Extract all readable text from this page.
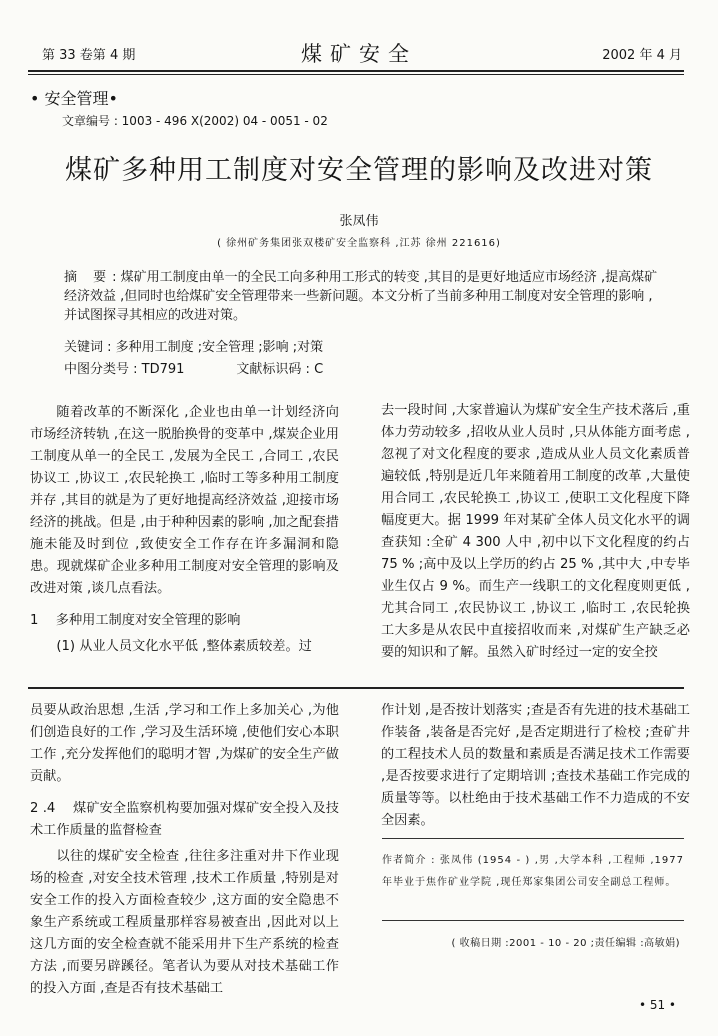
第 33 卷第 4 期	煤矿安全	2002 年 4 月
• 安全管理•
文章编号 : 1003 - 496 X(2002) 04 - 0051 - 02
煤矿多种用工制度对安全管理的影响及改进对策
张凤伟
( 徐州矿务集团张双楼矿安全监察科 ,江苏 徐州 221616)
摘 要: 煤矿用工制度由单一的全民工向多种用工形式的转变 ,其目的是更好地适应市场经济 ,提高煤矿经济效益 ,但同时也给煤矿安全管理带来一些新问题。本文分析了当前多种用工制度对安全管理的影响 ,并试图探寻其相应的改进对策。
关键词 : 多种用工制度 ;安全管理 ;影响 ;对策
中图分类号 : TD791	文献标识码 : C

随着改革的不断深化 ,企业也由单一计划经济向市场经济转轨 ,在这一脱胎换骨的变革中 ,煤炭企业用工制度从单一的全民工 ,发展为全民工 ,合同工 ,农民协议工 ,协议工 ,农民轮换工 ,临时工等多种用工制度并存 ,其目的就是为了更好地提高经济效益 ,迎接市场经济的挑战。但是 ,由于种种因素的影响 ,加之配套措施未能及时到位 ,致使安全工作存在许多漏洞和隐患。现就煤矿企业多种用工制度对安全管理的影响及改进对策 ,谈几点看法。

1　 多种用工制度对安全管理的影响

(1) 从业人员文化水平低 ,整体素质较差。过

去一段时间 ,大家普遍认为煤矿安全生产技术落后 ,重体力劳动较多 ,招收从业人员时 ,只从体能方面考虑 ,忽视了对文化程度的要求 ,造成从业人员文化素质普遍较低 ,特别是近几年来随着用工制度的改革 ,大量使用合同工 ,农民轮换工 ,协议工 ,使职工文化程度下降幅度更大。据 1999 年对某矿全体人员文化水平的调查获知 :全矿 4 300 人中 ,初中以下文化程度的约占 75 % ;高中及以上学历的约占 25 % ,其中大 ,中专毕业生仅占 9 %。而生产一线职工的文化程度则更低 ,尤其合同工 ,农民协议工 ,协议工 ,临时工 ,农民轮换工大多是从农民中直接招收而来 ,对煤矿生产缺乏必要的知识和了解。虽然入矿时经过一定的安全挍

员要从政治思想 ,生活 ,学习和工作上多加关心 ,为他们创造良好的工作 ,学习及生活环境 ,使他们安心本职工作 ,充分发挥他们的聪明才智 ,为煤矿的安全生产做贡献。

2 .4　 煤矿安全监察机构要加强对煤矿安全投入及技术工作质量的监督检查

以往的煤矿安全检查 ,往往多注重对井下作业现场的检查 ,对安全技术管理 ,技术工作质量 ,特别是对安全工作的投入方面检查较少 ,这方面的安全隐患不象生产系统或工程质量那样容易被查出 ,因此对以上这几方面的安全检查就不能采用井下生产系统的检查方法 ,而要另辟蹊径。笔者认为要从对技术基础工作的投入方面 ,查是否有技术基础工

作计划 ,是否按计划落实 ;查是否有先进的技术基础工作装备 ,装备是否完好 ,是否定期进行了检校 ;查矿井的工程技术人员的数量和素质是否满足技术工作需要 ,是否按要求进行了定期培训 ;查技术基础工作完成的质量等等。以杜绝由于技术基础工作不力造成的不安全因素。

作者简介 : 张凤伟 (1954 - ) ,男 ,大学本科 ,工程师 ,1977 年毕业于焦作矿业学院 ,现任郑家集团公司安全副总工程师。
( 收稿日期 :2001 - 10 - 20 ;责任编辑 :高敏娟)
• 51 •
